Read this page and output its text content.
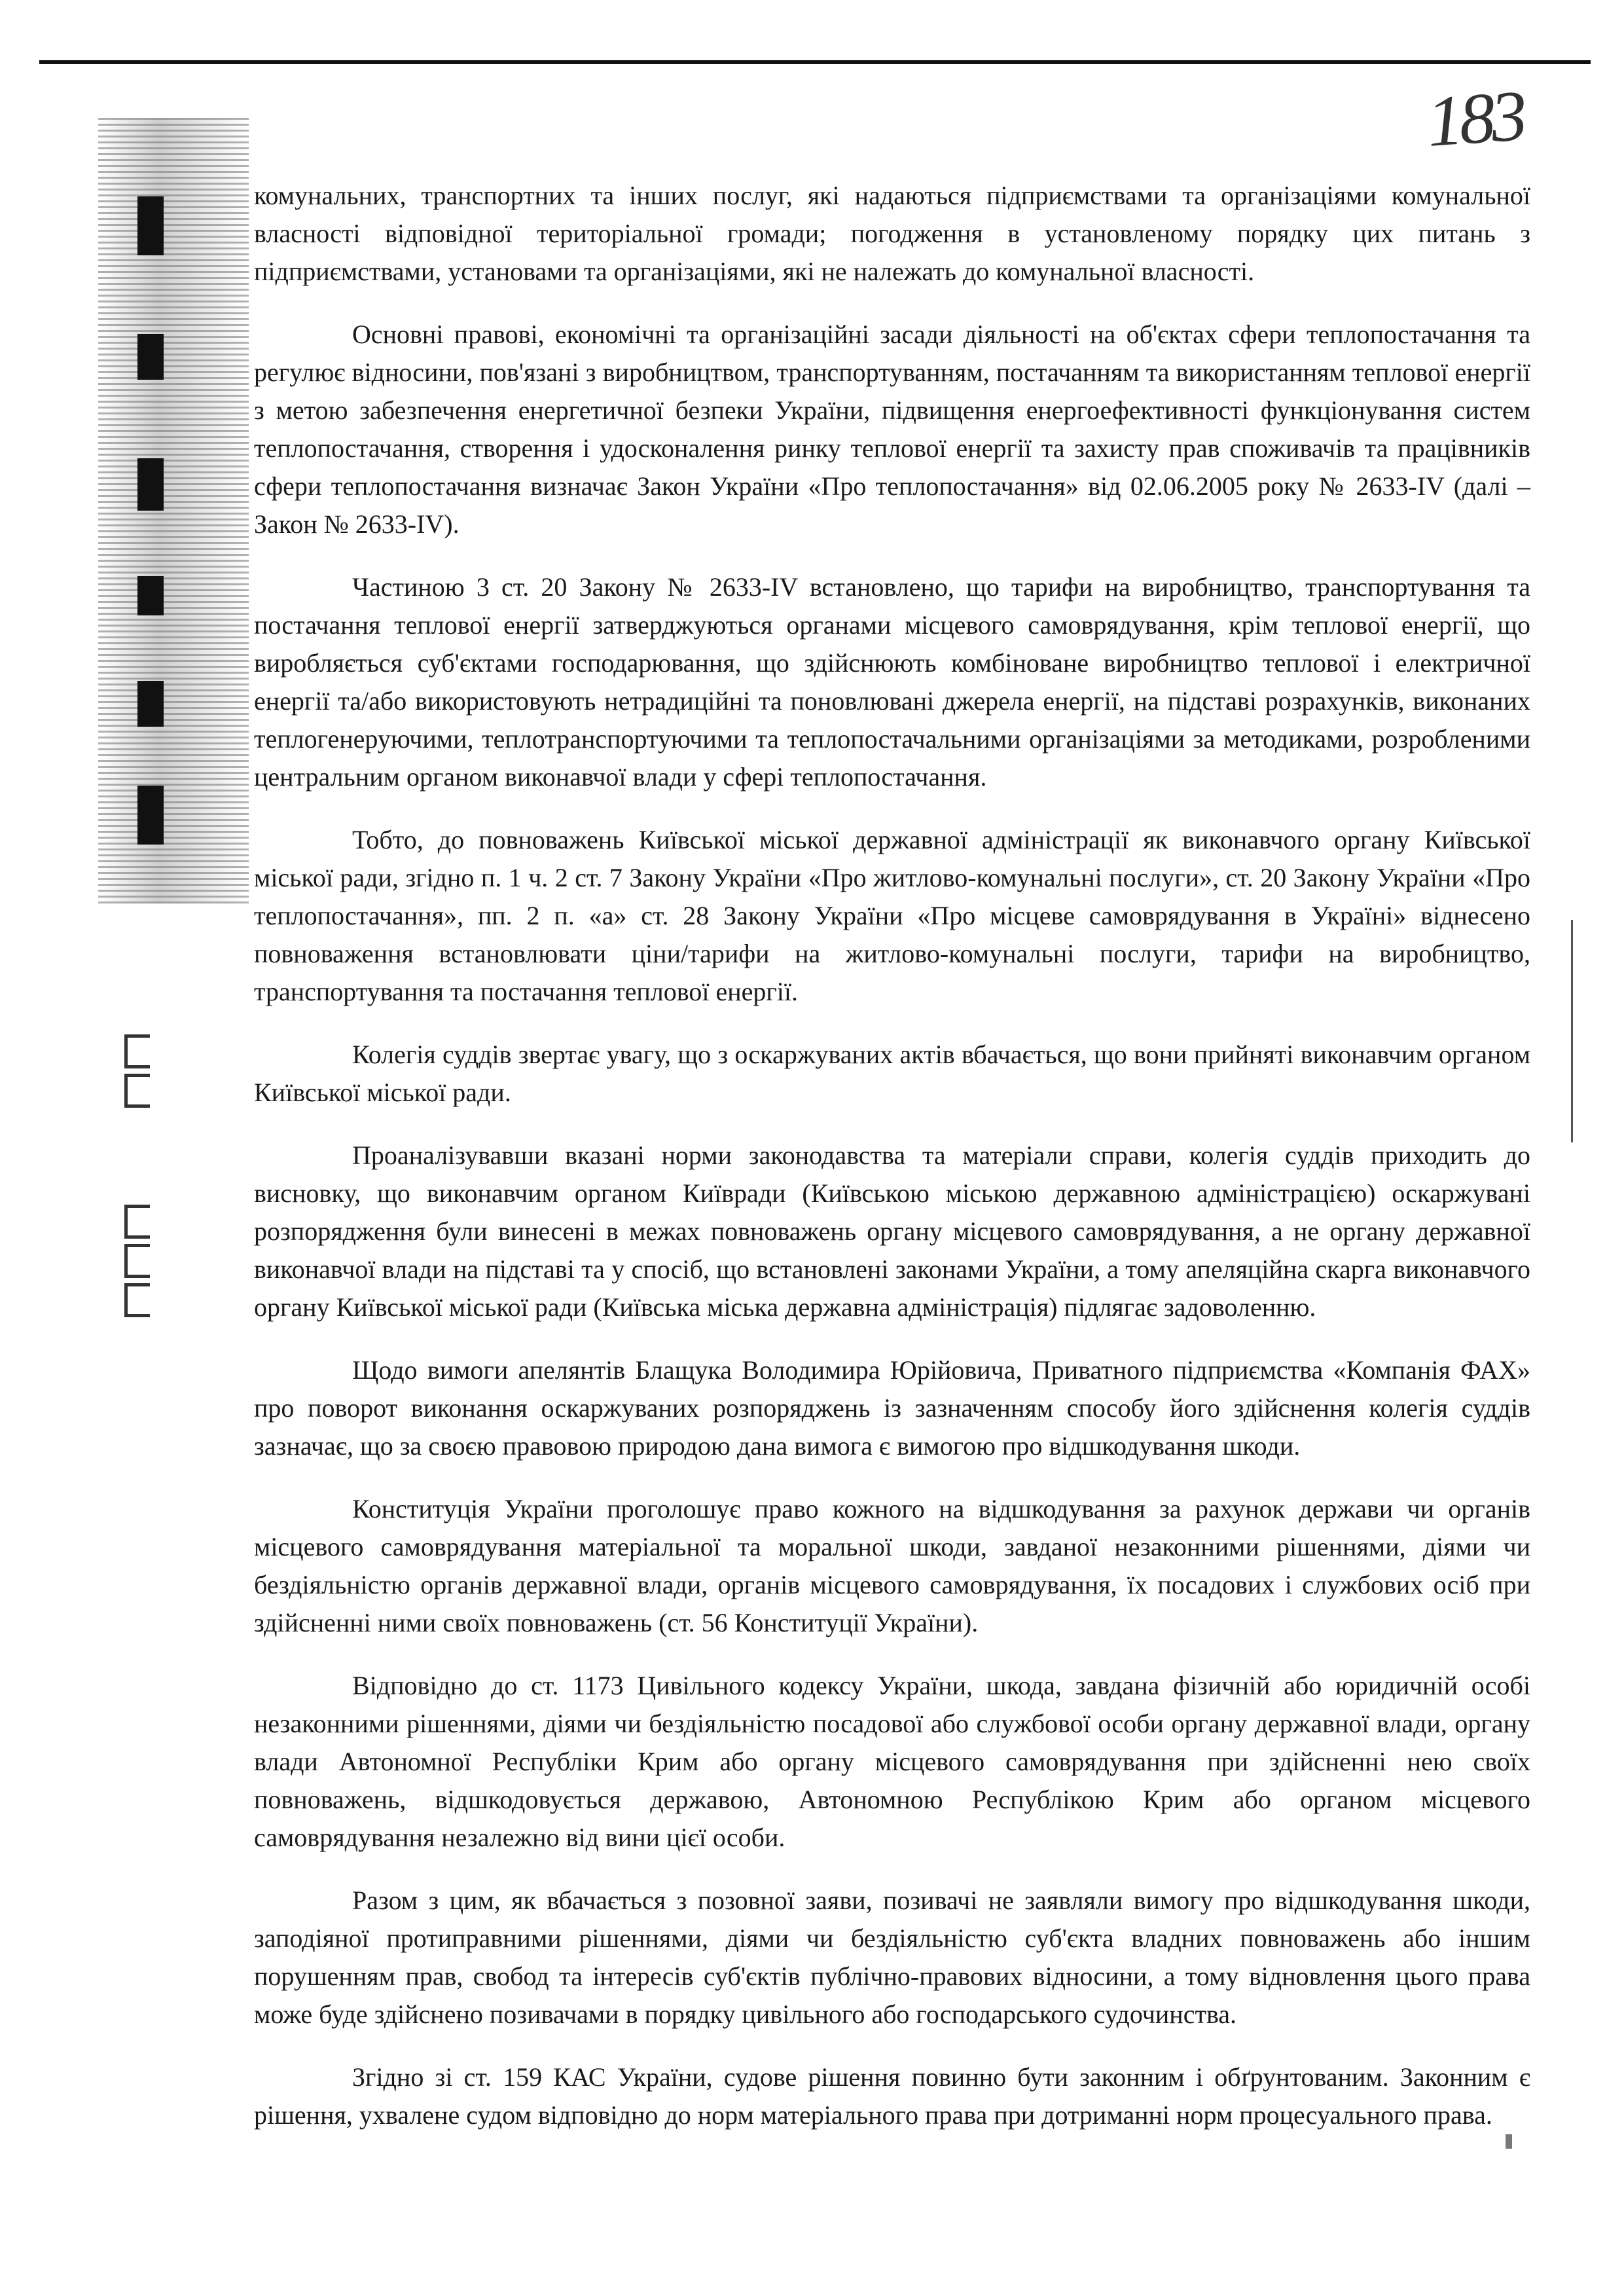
183

комунальних, транспортних та інших послуг, які надаються підприємствами та організаціями комунальної власності відповідної територіальної громади; погодження в установленому порядку цих питань з підприємствами, установами та організаціями, які не належать до комунальної власності.

Основні правові, економічні та організаційні засади діяльності на об'єктах сфери теплопостачання та регулює відносини, пов'язані з виробництвом, транспортуванням, постачанням та використанням теплової енергії з метою забезпечення енергетичної безпеки України, підвищення енергоефективності функціонування систем теплопостачання, створення і удосконалення ринку теплової енергії та захисту прав споживачів та працівників сфери теплопостачання визначає Закон України «Про теплопостачання» від 02.06.2005 року № 2633-IV (далі – Закон № 2633-IV).

Частиною 3 ст. 20 Закону № 2633-IV встановлено, що тарифи на виробництво, транспортування та постачання теплової енергії затверджуються органами місцевого самоврядування, крім теплової енергії, що виробляється суб'єктами господарювання, що здійснюють комбіноване виробництво теплової і електричної енергії та/або використовують нетрадиційні та поновлювані джерела енергії, на підставі розрахунків, виконаних теплогенеруючими, теплотранспортуючими та теплопостачальними організаціями за методиками, розробленими центральним органом виконавчої влади у сфері теплопостачання.

Тобто, до повноважень Київської міської державної адміністрації як виконавчого органу Київської міської ради, згідно п. 1 ч. 2 ст. 7 Закону України «Про житлово-комунальні послуги», ст. 20 Закону України «Про теплопостачання», пп. 2 п. «а» ст. 28 Закону України «Про місцеве самоврядування в Україні» віднесено повноваження встановлювати ціни/тарифи на житлово-комунальні послуги, тарифи на виробництво, транспортування та постачання теплової енергії.

Колегія суддів звертає увагу, що з оскаржуваних актів вбачається, що вони прийняті виконавчим органом Київської міської ради.

Проаналізувавши вказані норми законодавства та матеріали справи, колегія суддів приходить до висновку, що виконавчим органом Київради (Київською міською державною адміністрацією) оскаржувані розпорядження були винесені в межах повноважень органу місцевого самоврядування, а не органу державної виконавчої влади на підставі та у спосіб, що встановлені законами України, а тому апеляційна скарга виконавчого органу Київської міської ради (Київська міська державна адміністрація) підлягає задоволенню.

Щодо вимоги апелянтів Блащука Володимира Юрійовича, Приватного підприємства «Компанія ФАХ» про поворот виконання оскаржуваних розпоряджень із зазначенням способу його здійснення колегія суддів зазначає, що за своєю правовою природою дана вимога є вимогою про відшкодування шкоди.

Конституція України проголошує право кожного на відшкодування за рахунок держави чи органів місцевого самоврядування матеріальної та моральної шкоди, завданої незаконними рішеннями, діями чи бездіяльністю органів державної влади, органів місцевого самоврядування, їх посадових і службових осіб при здійсненні ними своїх повноважень (ст. 56 Конституції України).

Відповідно до ст. 1173 Цивільного кодексу України, шкода, завдана фізичній або юридичній особі незаконними рішеннями, діями чи бездіяльністю посадової або службової особи органу державної влади, органу влади Автономної Республіки Крим або органу місцевого самоврядування при здійсненні нею своїх повноважень, відшкодовується державою, Автономною Республікою Крим або органом місцевого самоврядування незалежно від вини цієї особи.

Разом з цим, як вбачається з позовної заяви, позивачі не заявляли вимогу про відшкодування шкоди, заподіяної протиправними рішеннями, діями чи бездіяльністю суб'єкта владних повноважень або іншим порушенням прав, свобод та інтересів суб'єктів публічно-правових відносини, а тому відновлення цього права може буде здійснено позивачами в порядку цивільного або господарського судочинства.

Згідно зі ст. 159 КАС України, судове рішення повинно бути законним і обґрунтованим. Законним є рішення, ухвалене судом відповідно до норм матеріального права при дотриманні норм процесуального права.
